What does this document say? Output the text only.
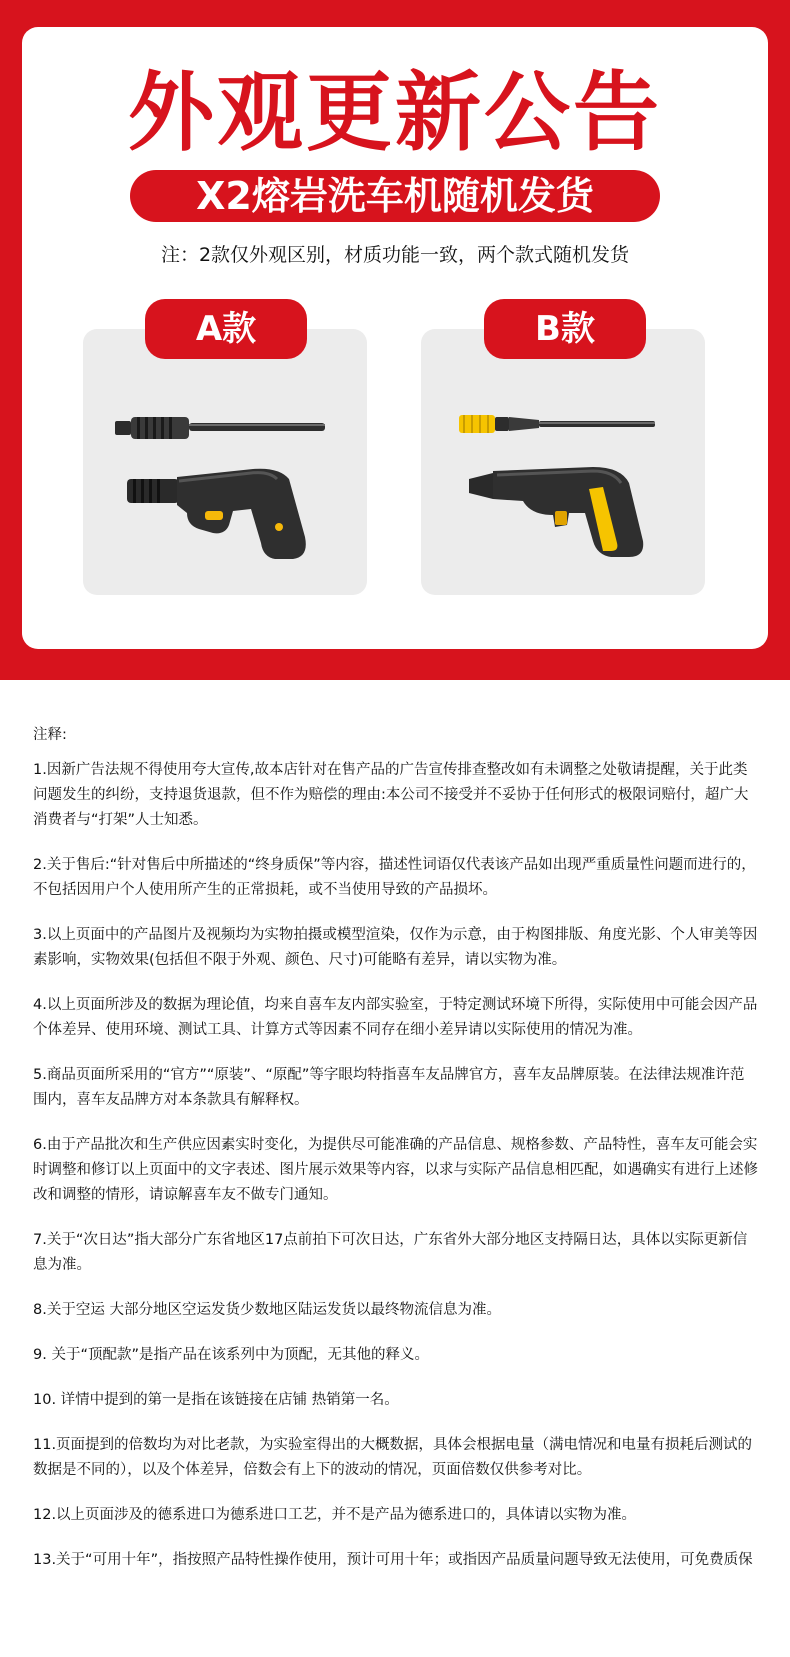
外观更新公告
X2熔岩洗车机随机发货
注：2款仅外观区别，材质功能一致，两个款式随机发货
A款	B款
注释:
1.因新广告法规不得使用夸大宣传,故本店针对在售产品的广告宣传排查整改如有未调整之处敬请提醒，关于此类问题发生的纠纷，支持退货退款，但不作为赔偿的理由:本公司不接受并不妥协于任何形式的极限词赔付，超广大消费者与“打架”人士知悉。
2.关于售后:“针对售后中所描述的“终身质保”等内容，描述性词语仅代表该产品如出现严重质量性问题而进行的，不包括因用户个人使用所产生的正常损耗，或不当使用导致的产品损坏。
3.以上页面中的产品图片及视频均为实物拍摄或模型渲染，仅作为示意，由于构图排版、角度光影、个人审美等因素影响，实物效果(包括但不限于外观、颜色、尺寸)可能略有差异，请以实物为准。
4.以上页面所涉及的数据为理论值，均来自喜车友内部实验室，于特定测试环境下所得，实际使用中可能会因产品个体差异、使用环境、测试工具、计算方式等因素不同存在细小差异请以实际使用的情况为准。
5.商品页面所采用的“官方”“原装”、“原配”等字眼均特指喜车友品牌官方，喜车友品牌原装。在法律法规准许范围内，喜车友品牌方对本条款具有解释权。
6.由于产品批次和生产供应因素实时变化，为提供尽可能准确的产品信息、规格参数、产品特性，喜车友可能会实时调整和修订以上页面中的文字表述、图片展示效果等内容，以求与实际产品信息相匹配，如遇确实有进行上述修改和调整的情形，请谅解喜车友不做专门通知。
7.关于“次日达”指大部分广东省地区17点前拍下可次日达，广东省外大部分地区支持隔日达，具体以实际更新信息为准。
8.关于空运 大部分地区空运发货少数地区陆运发货以最终物流信息为准。
9. 关于“顶配款”是指产品在该系列中为顶配，无其他的释义。
10. 详情中提到的第一是指在该链接在店铺 热销第一名。
11.页面提到的倍数均为对比老款，为实验室得出的大概数据，具体会根据电量（满电情况和电量有损耗后测试的数据是不同的），以及个体差异，倍数会有上下的波动的情况，页面倍数仅供参考对比。
12.以上页面涉及的德系进口为德系进口工艺，并不是产品为德系进口的，具体请以实物为准。
13.关于“可用十年”，指按照产品特性操作使用，预计可用十年；或指因产品质量问题导致无法使用，可免费质保
